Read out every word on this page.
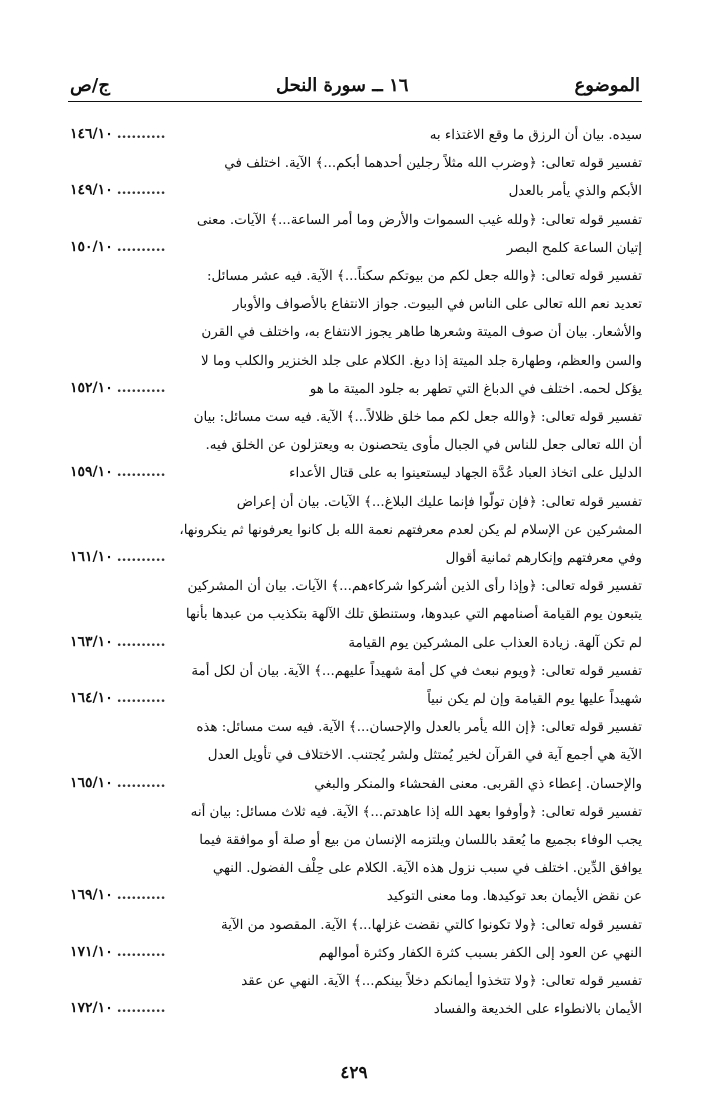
الموضوع
١٦ ــ سورة النحل
ج/ص
سيده. بيان أن الرزق ما وقع الاغتذاء به
١٤٦/١٠ ..........
تفسير قوله تعالى: ﴿وضرب الله مثلاً رجلين أحدهما أبكم...﴾ الآية. اختلف في
الأبكم والذي يأمر بالعدل
١٤٩/١٠ ..........
تفسير قوله تعالى: ﴿ولله غيب السموات والأرض وما أمر الساعة...﴾ الآيات. معنى
إتيان الساعة كلمح البصر
١٥٠/١٠ ..........
تفسير قوله تعالى: ﴿والله جعل لكم من بيوتكم سكناً...﴾ الآية. فيه عشر مسائل:
تعديد نعم الله تعالى على الناس في البيوت. جواز الانتفاع بالأصواف والأوبار
والأشعار. بيان أن صوف الميتة وشعرها طاهر يجوز الانتفاع به، واختلف في القرن
والسن والعظم، وطهارة جلد الميتة إذا دبغ. الكلام على جلد الخنزير والكلب وما لا
يؤكل لحمه. اختلف في الدباغ التي تطهر به جلود الميتة ما هو
١٥٢/١٠ ..........
تفسير قوله تعالى: ﴿والله جعل لكم مما خلق ظلالاً...﴾ الآية. فيه ست مسائل: بيان
أن الله تعالى جعل للناس في الجبال مأوى يتحصنون به ويعتزلون عن الخلق فيه.
الدليل على اتخاذ العباد عُدَّة الجهاد ليستعينوا به على قتال الأعداء
١٥٩/١٠ ..........
تفسير قوله تعالى: ﴿فإن تولّوا فإنما عليك البلاغ...﴾ الآيات. بيان أن إعراض
المشركين عن الإسلام لم يكن لعدم معرفتهم نعمة الله بل كانوا يعرفونها ثم ينكرونها،
وفي معرفتهم وإنكارهم ثمانية أقوال
١٦١/١٠ ..........
تفسير قوله تعالى: ﴿وإذا رأى الذين أشركوا شركاءهم...﴾ الآيات. بيان أن المشركين
يتبعون يوم القيامة أصنامهم التي عبدوها، وستنطق تلك الآلهة بتكذيب من عبدها بأنها
لم تكن آلهة. زيادة العذاب على المشركين يوم القيامة
١٦٣/١٠ ..........
تفسير قوله تعالى: ﴿ويوم نبعث في كل أمة شهيداً عليهم...﴾ الآية. بيان أن لكل أمة
شهيداً عليها يوم القيامة وإن لم يكن نبياً
١٦٤/١٠ ..........
تفسير قوله تعالى: ﴿إن الله يأمر بالعدل والإحسان...﴾ الآية. فيه ست مسائل: هذه
الآية هي أجمع آية في القرآن لخير يُمتثل ولشر يُجتنب. الاختلاف في تأويل العدل
والإحسان. إعطاء ذي القربى. معنى الفحشاء والمنكر والبغي
١٦٥/١٠ ..........
تفسير قوله تعالى: ﴿وأوفوا بعهد الله إذا عاهدتم...﴾ الآية. فيه ثلاث مسائل: بيان أنه
يجب الوفاء بجميع ما يُعقد باللسان ويلتزمه الإنسان من بيع أو صلة أو موافقة فيما
يوافق الدِّين. اختلف في سبب نزول هذه الآية. الكلام على حِلْف الفضول. النهي
عن نقض الأيمان بعد توكيدها. وما معنى التوكيد
١٦٩/١٠ ..........
تفسير قوله تعالى: ﴿ولا تكونوا كالتي نقضت غزلها...﴾ الآية. المقصود من الآية
النهي عن العود إلى الكفر بسبب كثرة الكفار وكثرة أموالهم
١٧١/١٠ ..........
تفسير قوله تعالى: ﴿ولا تتخذوا أيمانكم دخلاً بينكم...﴾ الآية. النهي عن عقد
الأيمان بالانطواء على الخديعة والفساد
١٧٢/١٠ ..........
٤٢٩
